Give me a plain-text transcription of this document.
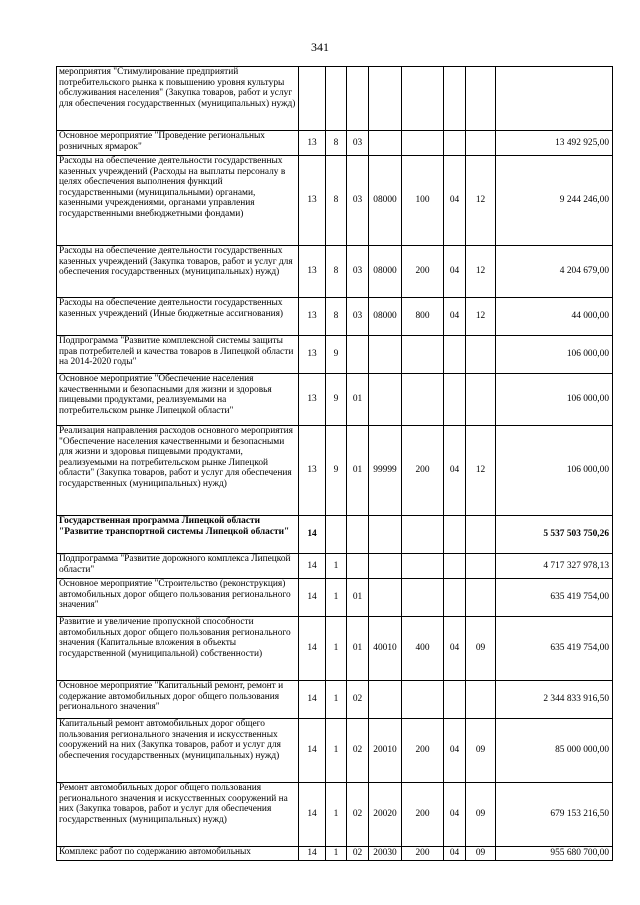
341
мероприятия "Стимулирование предприятий потребительского рынка к повышению уровня культуры обслуживания населения" (Закупка товаров, работ и услуг для обеспечения государственных (муниципальных) нужд)								
Основное мероприятие "Проведение региональных розничных ярмарок"	13	8	03					13 492 925,00
Расходы на обеспечение деятельности государственных казенных учреждений (Расходы на выплаты персоналу в целях обеспечения выполнения функций государственными (муниципальными) органами, казенными учреждениями, органами управления государственными внебюджетными фондами)	13	8	03	08000	100	04	12	9 244 246,00
Расходы на обеспечение деятельности государственных казенных учреждений (Закупка товаров, работ и услуг для обеспечения государственных (муниципальных) нужд)	13	8	03	08000	200	04	12	4 204 679,00
Расходы на обеспечение деятельности государственных казенных учреждений (Иные бюджетные ассигнования)	13	8	03	08000	800	04	12	44 000,00
Подпрограмма "Развитие комплексной системы защиты прав потребителей и качества товаров в Липецкой области на 2014-2020 годы"	13	9						106 000,00
Основное мероприятие "Обеспечение населения качественными и безопасными для жизни и здоровья пищевыми продуктами, реализуемыми на потребительском рынке Липецкой области"	13	9	01					106 000,00
Реализация направления расходов основного мероприятия "Обеспечение населения качественными и безопасными для жизни и здоровья пищевыми продуктами, реализуемыми на потребительском рынке Липецкой области" (Закупка товаров, работ и услуг для обеспечения государственных (муниципальных) нужд)	13	9	01	99999	200	04	12	106 000,00
Государственная программа Липецкой области "Развитие транспортной системы Липецкой области"	14							5 537 503 750,26
Подпрограмма "Развитие дорожного комплекса Липецкой области"	14	1						4 717 327 978,13
Основное мероприятие "Строительство (реконструкция) автомобильных дорог общего пользования регионального значения"	14	1	01					635 419 754,00
Развитие и увеличение пропускной способности автомобильных дорог общего пользования регионального значения (Капитальные вложения в объекты государственной (муниципальной) собственности)	14	1	01	40010	400	04	09	635 419 754,00
Основное мероприятие "Капитальный ремонт, ремонт и содержание автомобильных дорог общего пользования регионального значения"	14	1	02					2 344 833 916,50
Капитальный ремонт автомобильных дорог общего пользования регионального значения и искусственных сооружений на них (Закупка товаров, работ и услуг для обеспечения государственных (муниципальных) нужд)	14	1	02	20010	200	04	09	85 000 000,00
Ремонт автомобильных дорог общего пользования регионального значения и искусственных сооружений на них (Закупка товаров, работ и услуг для обеспечения государственных (муниципальных) нужд)	14	1	02	20020	200	04	09	679 153 216,50
Комплекс работ по содержанию автомобильных	14	1	02	20030	200	04	09	955 680 700,00
